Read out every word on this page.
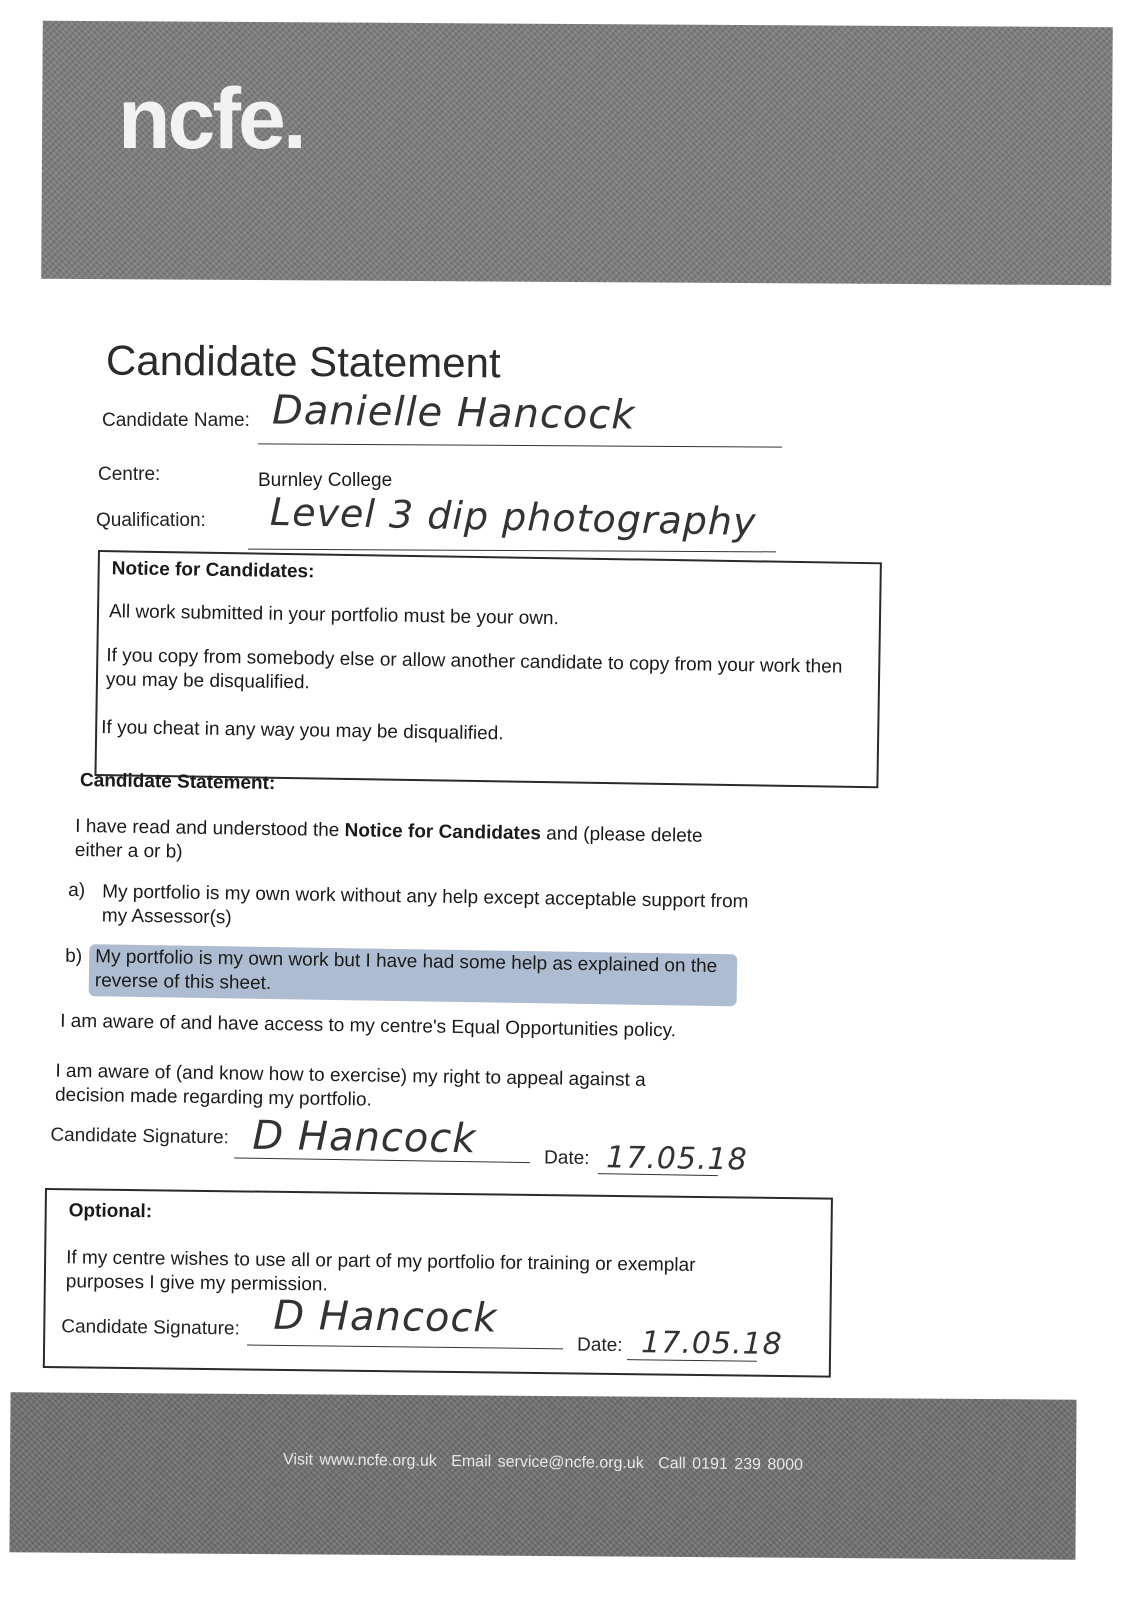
ncfe.
Candidate Statement
Candidate Name: Danielle Hancock
Centre:	Burnley College
Qualification: Level 3 dip photography
Notice for Candidates:
All work submitted in your portfolio must be your own.
If you copy from somebody else or allow another candidate to copy from your work then you may be disqualified.
If you cheat in any way you may be disqualified.
Candidate Statement:
I have read and understood the Notice for Candidates and (please delete either a or b)
a) My portfolio is my own work without any help except acceptable support from my Assessor(s)
b) My portfolio is my own work but I have had some help as explained on the reverse of this sheet.
I am aware of and have access to my centre's Equal Opportunities policy.
I am aware of (and know how to exercise) my right to appeal against a decision made regarding my portfolio.
Candidate Signature: D Hancock	Date: 17.05.18
Optional:
If my centre wishes to use all or part of my portfolio for training or exemplar purposes I give my permission.
Candidate Signature: D Hancock
Date: 17.05.18
Visit www.ncfe.org.uk Email service@ncfe.org.uk Call 0191 239 8000
